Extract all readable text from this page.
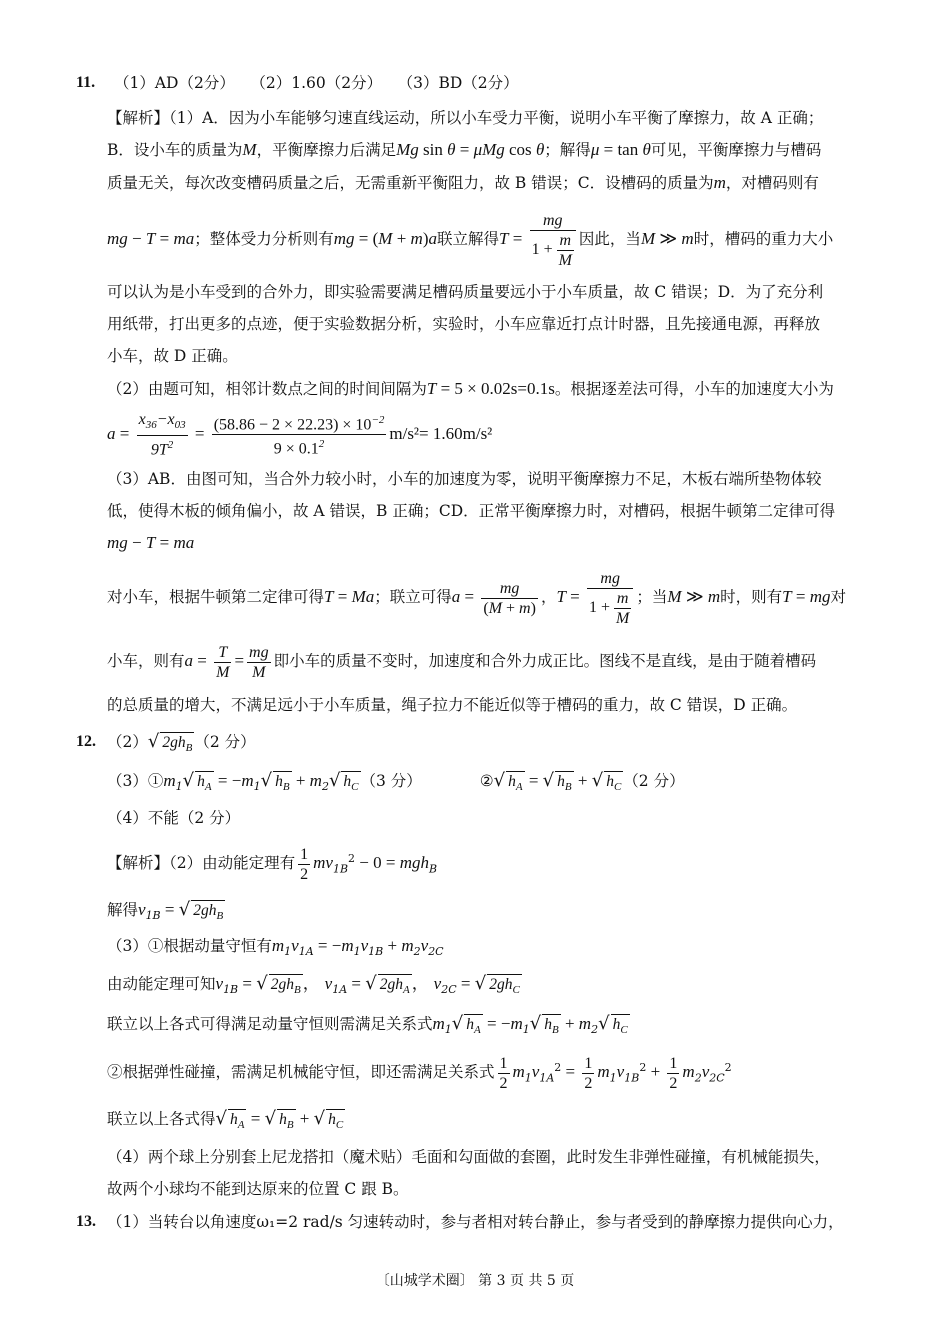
11. （1）AD（2分）　　（2）1.60（2分）　　（3）BD（2分）
【解析】（1）A．因为小车能够匀速直线运动，所以小车受力平衡，说明小车平衡了摩擦力，故 A 正确；
B．设小车的质量为M，平衡摩擦力后满足Mg sin θ = μMg cos θ；解得μ = tan θ可见，平衡摩擦力与槽码
质量无关，每次改变槽码质量之后，无需重新平衡阻力，故 B 错误；C．设槽码的质量为m，对槽码则有
mg − T = ma；整体受力分析则有mg = (M + m)a联立解得$T = \frac{mg}{1 + \frac{m}{M}}$ 因此，当M ≫ m时，槽码的重力大小
可以认为是小车受到的合外力，即实验需要满足槽码质量要远小于小车质量，故 C 错误；D．为了充分利
用纸带，打出更多的点迹，便于实验数据分析，实验时，小车应靠近打点计时器，且先接通电源，再释放
小车，故 D 正确。
（2）由题可知，相邻计数点之间的时间间隔为T = 5 × 0.02s=0.1s。根据逐差法可得，小车的加速度大小为
$a = \frac{x_{36}-x_{03}}{9T^2} = \frac{(58.86 - 2 \times 22.23) \times 10^{-2}}{9 \times 0.1^2} m/s^2= 1.60m/s^2$
（3）AB．由图可知，当合外力较小时，小车的加速度为零，说明平衡摩擦力不足，木板右端所垫物体较
低，使得木板的倾角偏小，故 A 错误，B 正确；CD．正常平衡摩擦力时，对槽码，根据牛顿第二定律可得
mg − T = ma
对小车，根据牛顿第二定律可得T = Ma；联立可得$a = \frac{mg}{(M + m)}$ ，$T = \frac{mg}{1 + \frac{m}{M}}$ ；当M ≫ m时，则有T = mg对
小车，则有$a = \frac{T}{M} = \frac{mg}{M}$ 即小车的质量不变时，加速度和合外力成正比。图线不是直线，是由于随着槽码
的总质量的增大，不满足远小于小车质量，绳子拉力不能近似等于槽码的重力，故 C 错误，D 正确。
12. （2）√ $2gh_B$ （2 分）
$(3)①m_1√$ $h_A = -m_1√$ $h_B + m_2√$ $h_C$ （3 分）	②√ $h_A$ = √ $h_B$ + √ $h_C$ （2 分）
（4）不能（2 分）
【解析】（2）由动能定理有 $\frac{1}{2} mv_{1B}^2 - 0 = mgh_B$
解得$v_{1B}$ = √ $2gh_B$
（3）①根据动量守恒有$m_1v_{1A} = -m_1v_{1B} + m_2v_{2C}$
由动能定理可知$v_{1B}$ = √ $2gh_B$ ， $v_{1A}$ = √ $2gh_A$ ， $v_{2C}$ = √ $2gh_C$
联立以上各式可得满足动量守恒则需满足关系式$m_1√$ $h_A = -m_1√$ $h_B + m_2√$ $h_C$
②根据弹性碰撞，需满足机械能守恒，即还需满足关系式 $\frac{1}{2} m_1v_{1A}^2 = \frac{1}{2} m_1v_{1B}^2 + \frac{1}{2} m_2v_{2C}^2$
联立以上各式得√ $h_A$ = √ $h_B$ + √ $h_C$
（4）两个球上分别套上尼龙搭扣（魔术贴）毛面和勾面做的套圈，此时发生非弹性碰撞，有机械能损失，
故两个小球均不能到达原来的位置 C 跟 B。
13. （1）当转台以角速度ω₁=2 rad/s 匀速转动时，参与者相对转台静止，参与者受到的静摩擦力提供向心力，
〔山城学术圈〕 第 3 页 共 5 页
